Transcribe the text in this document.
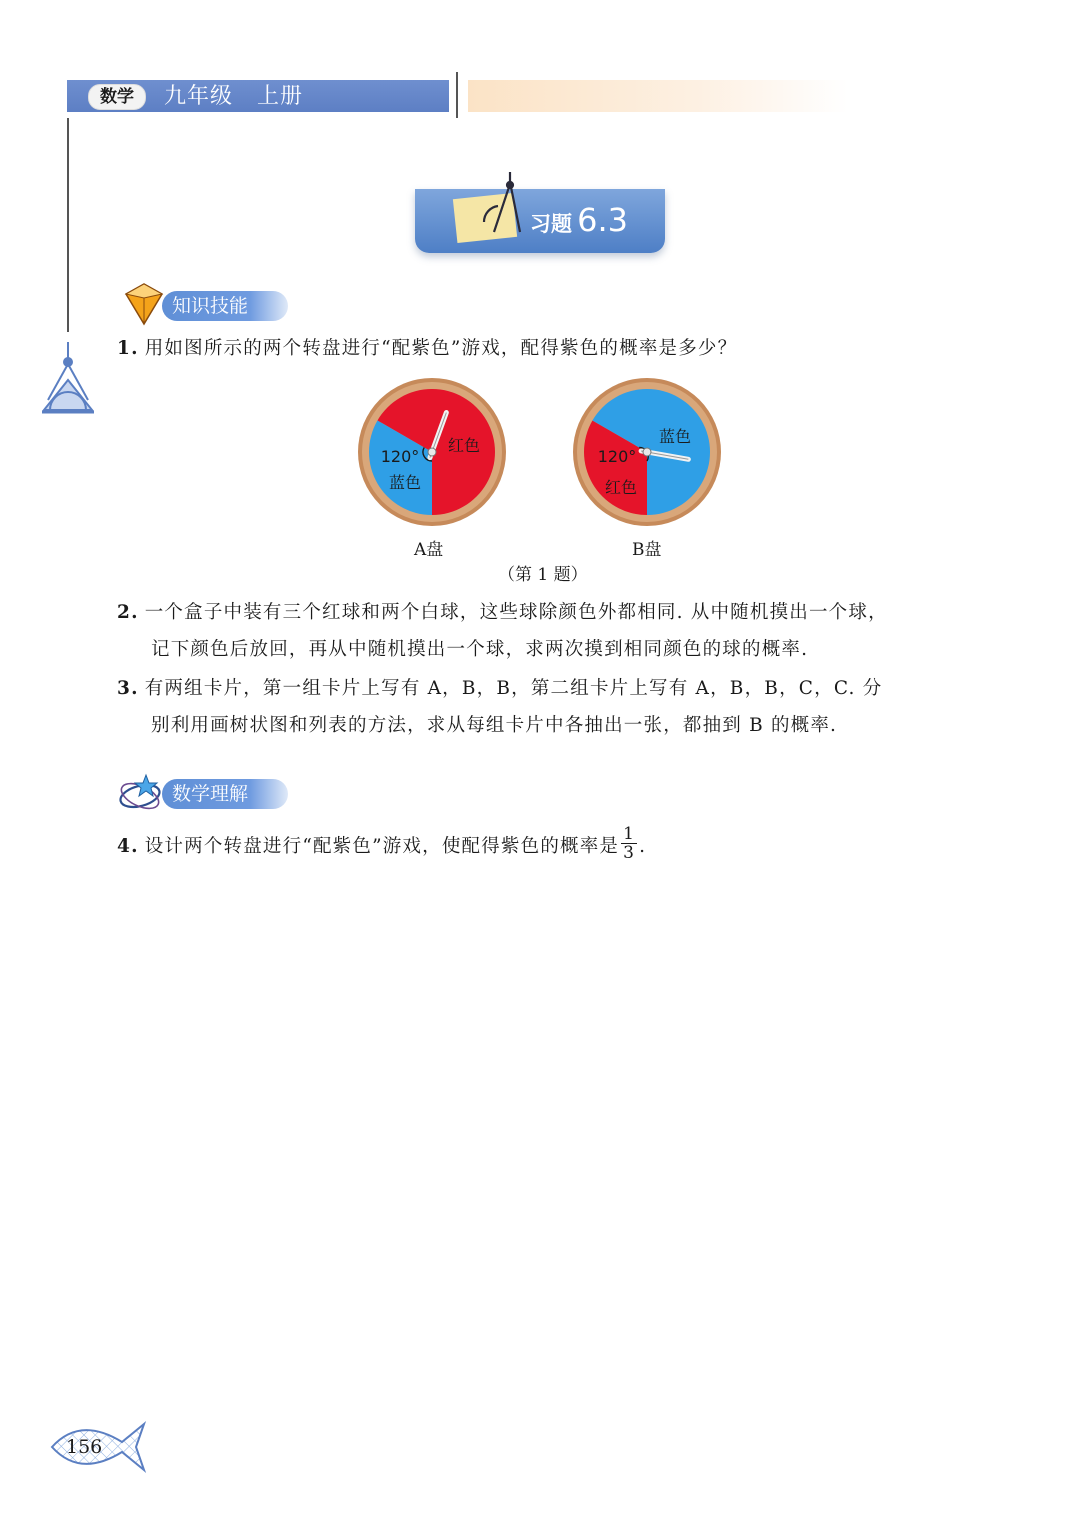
数学	九年级   上册
习题 6.3
知识技能
1. 用如图所示的两个转盘进行“配紫色”游戏，配得紫色的概率是多少？
120°
红色
蓝色
120°
红色
蓝色
A盘	B盘
（第 1 题）
2. 一个盒子中装有三个红球和两个白球，这些球除颜色外都相同. 从中随机摸出一个球，
记下颜色后放回，再从中随机摸出一个球，求两次摸到相同颜色的球的概率.
3. 有两组卡片，第一组卡片上写有 A，B，B，第二组卡片上写有 A，B，B，C，C. 分
别利用画树状图和列表的方法，求从每组卡片中各抽出一张，都抽到 B 的概率.
数学理解
4. 设计两个转盘进行“配紫色”游戏，使配得紫色的概率是 $\frac{1}{3}$ .
156
